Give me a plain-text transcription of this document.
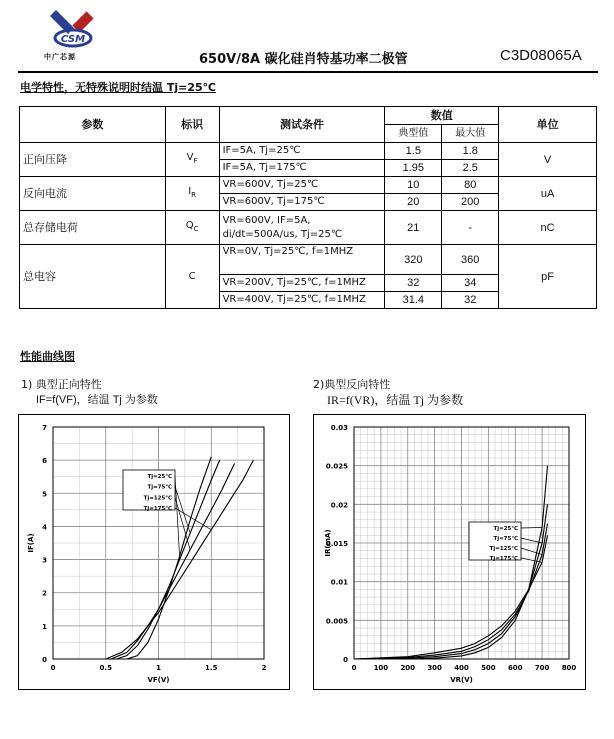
CSM
中广芯源	650V/8A 碳化硅肖特基功率二极管	C3D08065A
电学特性，无特殊说明时结温 Tj=25℃
参数	标识	测试条件	数值		单位
			典型值	最大值	
正向压降	$V_F$	IF=5A, Tj=25℃	1.5	1.8	V
		IF=5A, Tj=175℃	1.95	2.5	
反向电流	$I_R$	VR=600V, Tj=25℃	10	80	uA
		VR=600V, Tj=175℃	20	200	
总存储电荷	$Q_C$	VR=600V, IF=5A,
di/dt=500A/us, Tj=25℃	21	-	nC
总电容	C	VR=0V, Tj=25℃, f=1MHZ	320	360	pF
		VR=200V, Tj=25℃, f=1MHZ	32	34	
		VR=400V, Tj=25℃, f=1MHZ	31.4	32	
性能曲线图
1) 典型正向特性
IF=f(VF)，结温 Tj 为参数
2)典型反向特性
IR=f(VR)，结温 Tj 为参数
0	0.5	1	1.5	2
0
1
2
3
4
5
6
7
VF(V)
IF(A)
Tj=25℃
Tj=75℃
Tj=125℃
Tj=175℃
0 100 200 300 400 500 600 700 800
0
0.005
0.01
0.015
0.02
0.025
0.03
VR(V)
IR(mA)
Tj=25℃
Tj=75℃
Tj=125℃
Tj=175℃
